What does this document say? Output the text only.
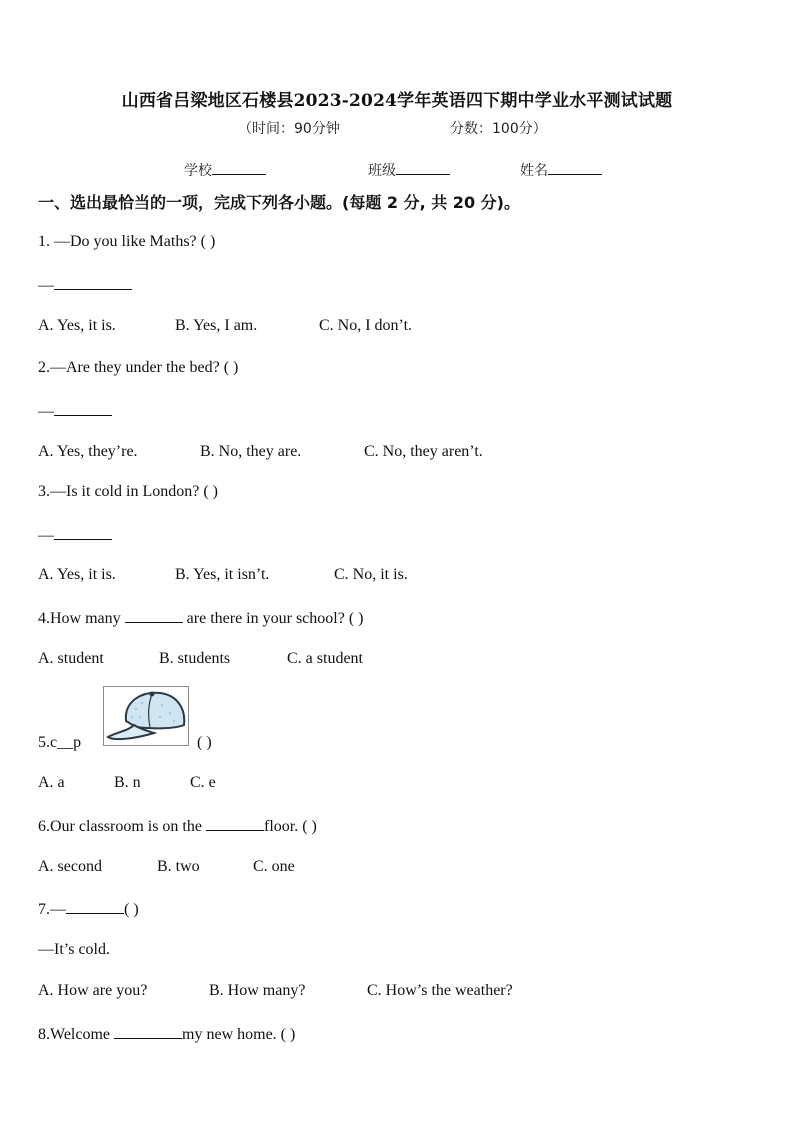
山西省吕梁地区石楼县2023-2024学年英语四下期中学业水平测试试题
（时间：90分钟	分数：100分）
学校	班级	姓名
一、选出最恰当的一项，完成下列各小题。(每题 2 分, 共 20 分)。
1. —Do you like Maths? ( )
—
A. Yes, it is.	B. Yes, I am.	C. No, I don’t.
2.—Are they under the bed? ( )
—
A. Yes, they’re.	B. No, they are.	C. No, they aren’t.
3.—Is it cold in London? ( )
—
A. Yes, it is.	B. Yes, it isn’t.	C. No, it is.
4.How many	are there in your school? ( )
A. student	B. students	C. a student
5.c__p	( )
A. a	B. n	C. e
6.Our classroom is on the	floor. ( )
A. second	B. two	C. one
7.—	( )
—It’s cold.
A. How are you?	B. How many?	C. How’s the weather?
8.Welcome	my new home. ( )
